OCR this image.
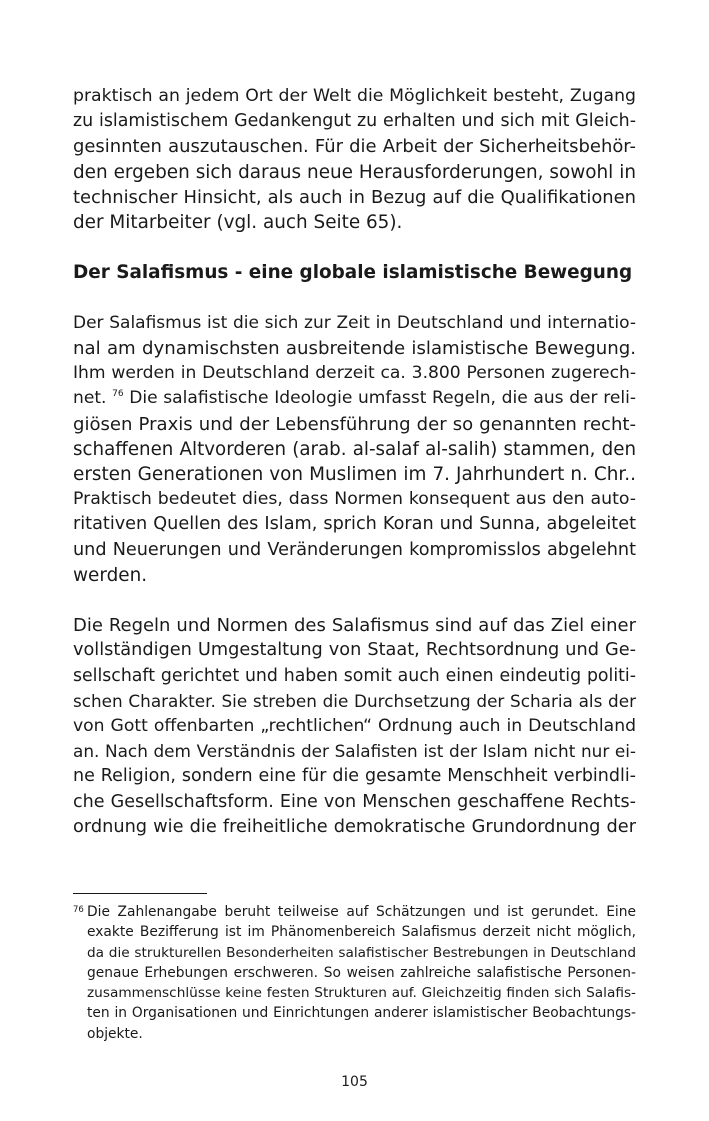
praktisch an jedem Ort der Welt die Möglichkeit besteht, Zugang
zu islamistischem Gedankengut zu erhalten und sich mit Gleich-
gesinnten auszutauschen. Für die Arbeit der Sicherheitsbehör-
den ergeben sich daraus neue Herausforderungen, sowohl in
technischer Hinsicht, als auch in Bezug auf die Qualifikationen
der Mitarbeiter (vgl. auch Seite 65).
Der Salafismus - eine globale islamistische Bewegung
Der Salafismus ist die sich zur Zeit in Deutschland und internatio-
nal am dynamischsten ausbreitende islamistische Bewegung.
Ihm werden in Deutschland derzeit ca. 3.800 Personen zugerech-
net. $^{76}$ Die salafistische Ideologie umfasst Regeln, die aus der reli-
giösen Praxis und der Lebensführung der so genannten recht-
schaffenen Altvorderen (arab. al-salaf al-salih) stammen, den
ersten Generationen von Muslimen im 7. Jahrhundert n. Chr..
Praktisch bedeutet dies, dass Normen konsequent aus den auto-
ritativen Quellen des Islam, sprich Koran und Sunna, abgeleitet
und Neuerungen und Veränderungen kompromisslos abgelehnt
werden.
Die Regeln und Normen des Salafismus sind auf das Ziel einer
vollständigen Umgestaltung von Staat, Rechtsordnung und Ge-
sellschaft gerichtet und haben somit auch einen eindeutig politi-
schen Charakter. Sie streben die Durchsetzung der Scharia als der
von Gott offenbarten „rechtlichen“ Ordnung auch in Deutschland
an. Nach dem Verständnis der Salafisten ist der Islam nicht nur ei-
ne Religion, sondern eine für die gesamte Menschheit verbindli-
che Gesellschaftsform. Eine von Menschen geschaffene Rechts-
ordnung wie die freiheitliche demokratische Grundordnung der
76 Die Zahlenangabe beruht teilweise auf Schätzungen und ist gerundet. Eine
exakte Bezifferung ist im Phänomenbereich Salafismus derzeit nicht möglich,
da die strukturellen Besonderheiten salafistischer Bestrebungen in Deutschland
genaue Erhebungen erschweren. So weisen zahlreiche salafistische Personen-
zusammenschlüsse keine festen Strukturen auf. Gleichzeitig finden sich Salafis-
ten in Organisationen und Einrichtungen anderer islamistischer Beobachtungs-
objekte.
105
